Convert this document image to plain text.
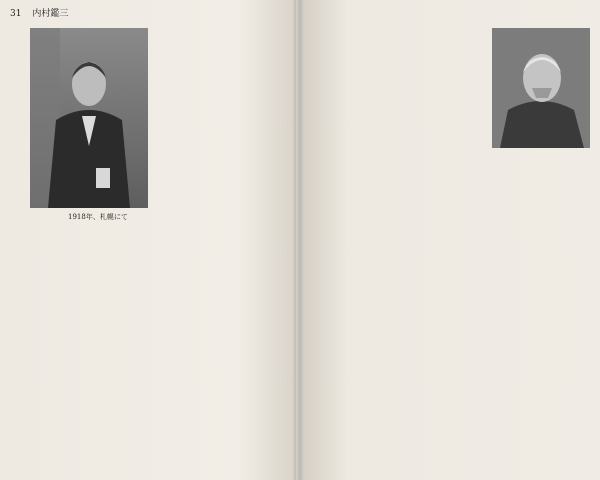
31 内村鑑三
1918年、札幌にて
